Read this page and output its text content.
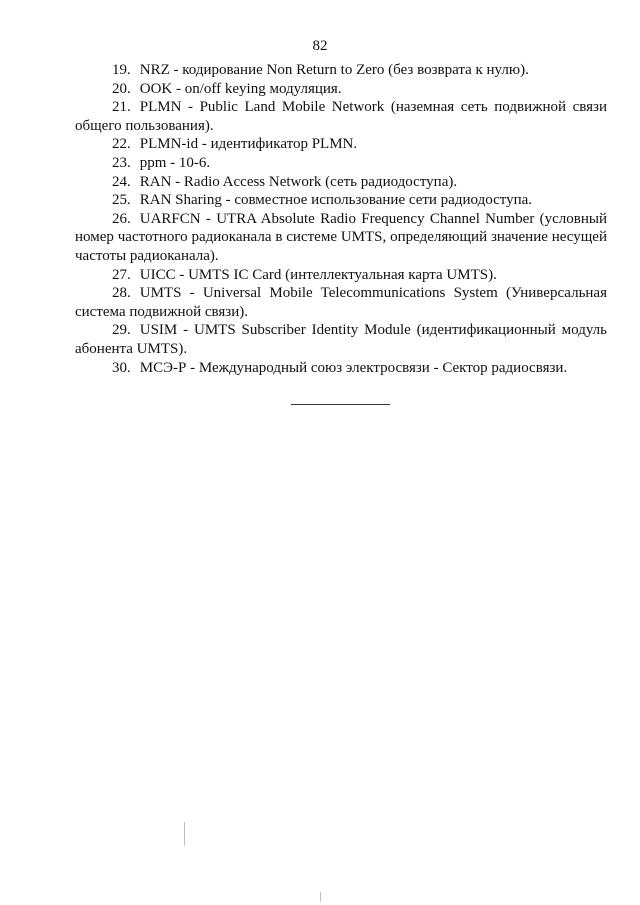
82

19. NRZ - кодирование Non Return to Zero (без возврата к нулю).

20. OOK - on/off keying модуляция.

21. PLMN - Public Land Mobile Network (наземная сеть подвижной связи общего пользования).

22. PLMN-id - идентификатор PLMN.

23. ppm - 10-6.

24. RAN - Radio Access Network (сеть радиодоступа).

25. RAN Sharing - совместное использование сети радиодоступа.

26. UARFCN - UTRA Absolute Radio Frequency Channel Number (условный номер частотного радиоканала в системе UMTS, определяющий значение несущей частоты радиоканала).

27. UICC - UMTS IC Card (интеллектуальная карта UMTS).

28. UMTS - Universal Mobile Telecommunications System (Универсальная система подвижной связи).

29. USIM - UMTS Subscriber Identity Module (идентификационный модуль абонента UMTS).

30. МСЭ-Р - Международный союз электросвязи - Сектор радиосвязи.
